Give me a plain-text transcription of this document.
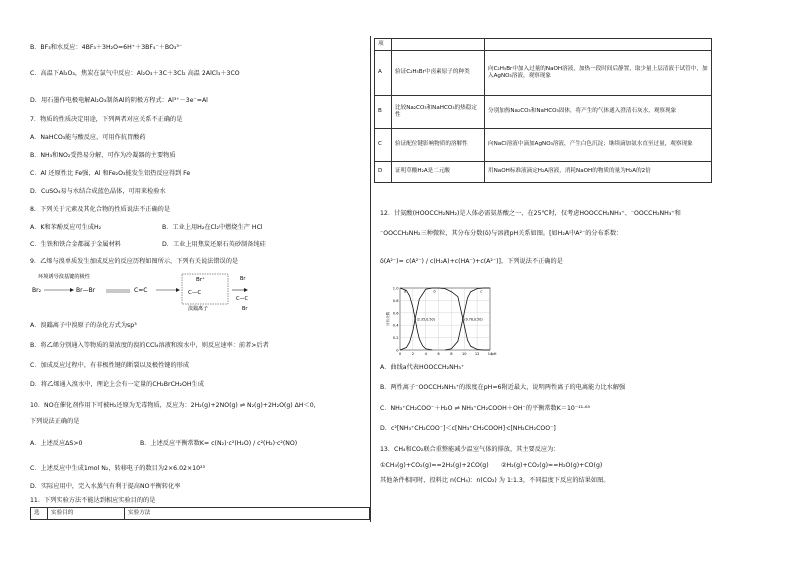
B．BF₃和水反应：4BF₃＋3H₂O=6H⁺＋3BF₄⁻＋BO₃³⁻
C．高温下Al₂O₃，焦炭在氯气中反应：Al₂O₃＋3C＋3Cl₂ 高温 2AlCl₃＋3CO
D．用石墨作电极电解Al₂O₃制备Al的阴极方程式：Al³⁺－3e⁻=Al
7．物质的性质决定用途，下列两者对应关系不正确的是
A．NaHCO₃能与酸反应，可用作抗胃酸药
B．NH₃和NO₂受热易分解，可作为冷凝器的主要物质
C．Al 还原性比 Fe强，Al 和Fe₂O₃能发生铝热反应得到 Fe
D．CuSO₄易与水结合成蓝色晶体，可用来检验水
8．下列关于元素及其化合物的性质说法不正确的是
A．K和苯酚反应可生成H₂	B．工业上用H₂在Cl₂中燃烧生产 HCl
C．生铁和铁合金都属于金属材料	D．工业上用焦炭还原石英砂制备纯硅
9．乙烯与溴单质发生加成反应的反应历程如图所示，下列有关说法错误的是
环境诱导溴基键的极性
Br₂	Br—Br	C=C
Br⁺
C—C
溴鎓离子
Br
C—C
Br
A．溴鎓离子中溴原子的杂化方式为sp³
B．将乙烯分别通入等物质的量浓度的溴的CCl₄溶液和溴水中，则反应速率：前者>后者
C．加成反应过程中，有非极性键的断裂以及极性键的形成
D．将乙烯通入溴水中，理论上会有一定量的CH₂BrCH₂OH生成
10．NO在催化剂作用下可被H₂还原为无毒物质，反应为：2H₂(g)+2NO(g) ⇌ N₂(g)+2H₂O(g) ΔH＜0，
下列说法正确的是
A．上述反应ΔS>0	B．上述反应平衡常数K= c(N₂)·c²(H₂O) / c²(H₂)·c²(NO)
C．上述反应中生成1mol N₂，转移电子的数目为2×6.02×10²³
D．实际应用中，完入水蒸气有利于提高NO平衡转化率
11．下列实验方法不能达到相应实验目的的是
选	实验目的	实验方法
项		
A	验证C₂H₅Br中卤素原子的种类	向C₂H₅Br中加入过量的NaOH溶液，加热一段时间后静置，取少量上层清液于试管中，加入AgNO₃溶液，观察现象
B	比较Na₂CO₃和NaHCO₃的热稳定性	分别加热Na₂CO₃和NaHCO₃固体，将产生的气体通入澄清石灰水，观察现象
C	验证配位键影响物质的溶解性	向NaCl溶液中滴加AgNO₃溶液，产生白色沉淀；继续滴加氨水直至过量，观察现象
D	证明草酸H₂A是二元酸	用NaOH标准液滴定H₂A溶液，消耗NaOH的物质的量为H₂A的2倍
12．甘氨酸(HOOCCH₂NH₂)是人体必需氨基酸之一，在25℃时，仅考虑HOOCCH₂NH₃⁺、⁻OOCCH₂NH₃⁺和
⁻OOCCH₂NH₂三种微粒，其分布分数(δ)与溶液pH关系如图。[如H₂A中A²⁻的分布系数：
δ(A²⁻)= c(A²⁻) / c(H₂A)+c(HA⁻)+c(A²⁻)]，下列说法不正确的是
A．曲线a代表HOOCCH₂NH₃⁺
B．两性离子⁻OOCCH₂NH₃⁺的浓度在pH=6附近最大，说明两性离子的电离能力比水解强
C．NH₃⁺CH₂COO⁻＋H₂O ⇌ NH₃⁺CH₂COOH＋OH⁻的平衡常数K＝10⁻¹¹·⁶⁵
D．c²[NH₃⁺CH₂COO⁻]＜c[NH₃⁺CH₂COOH]·c[NH₂CH₂COO⁻]
13．CH₄和CO₂联合重整能减少温室气体的排放，其主要反应为：
①CH₄(g)+CO₂(g)==2H₂(g)+2CO(g)　　②H₂(g)+CO₂(g)==H₂O(g)+CO(g)
其他条件相同时，投料比 n(CH₄)：n(CO₂) 为 1:1.3，不同温度下反应的结果如图。
0
0.2
0.4
0.6
0.8
1.0
0	2	4	6	8	10 12 14 pH
分布分数
a	b	c
(2.35,0.50)	(9.78,0.50)
